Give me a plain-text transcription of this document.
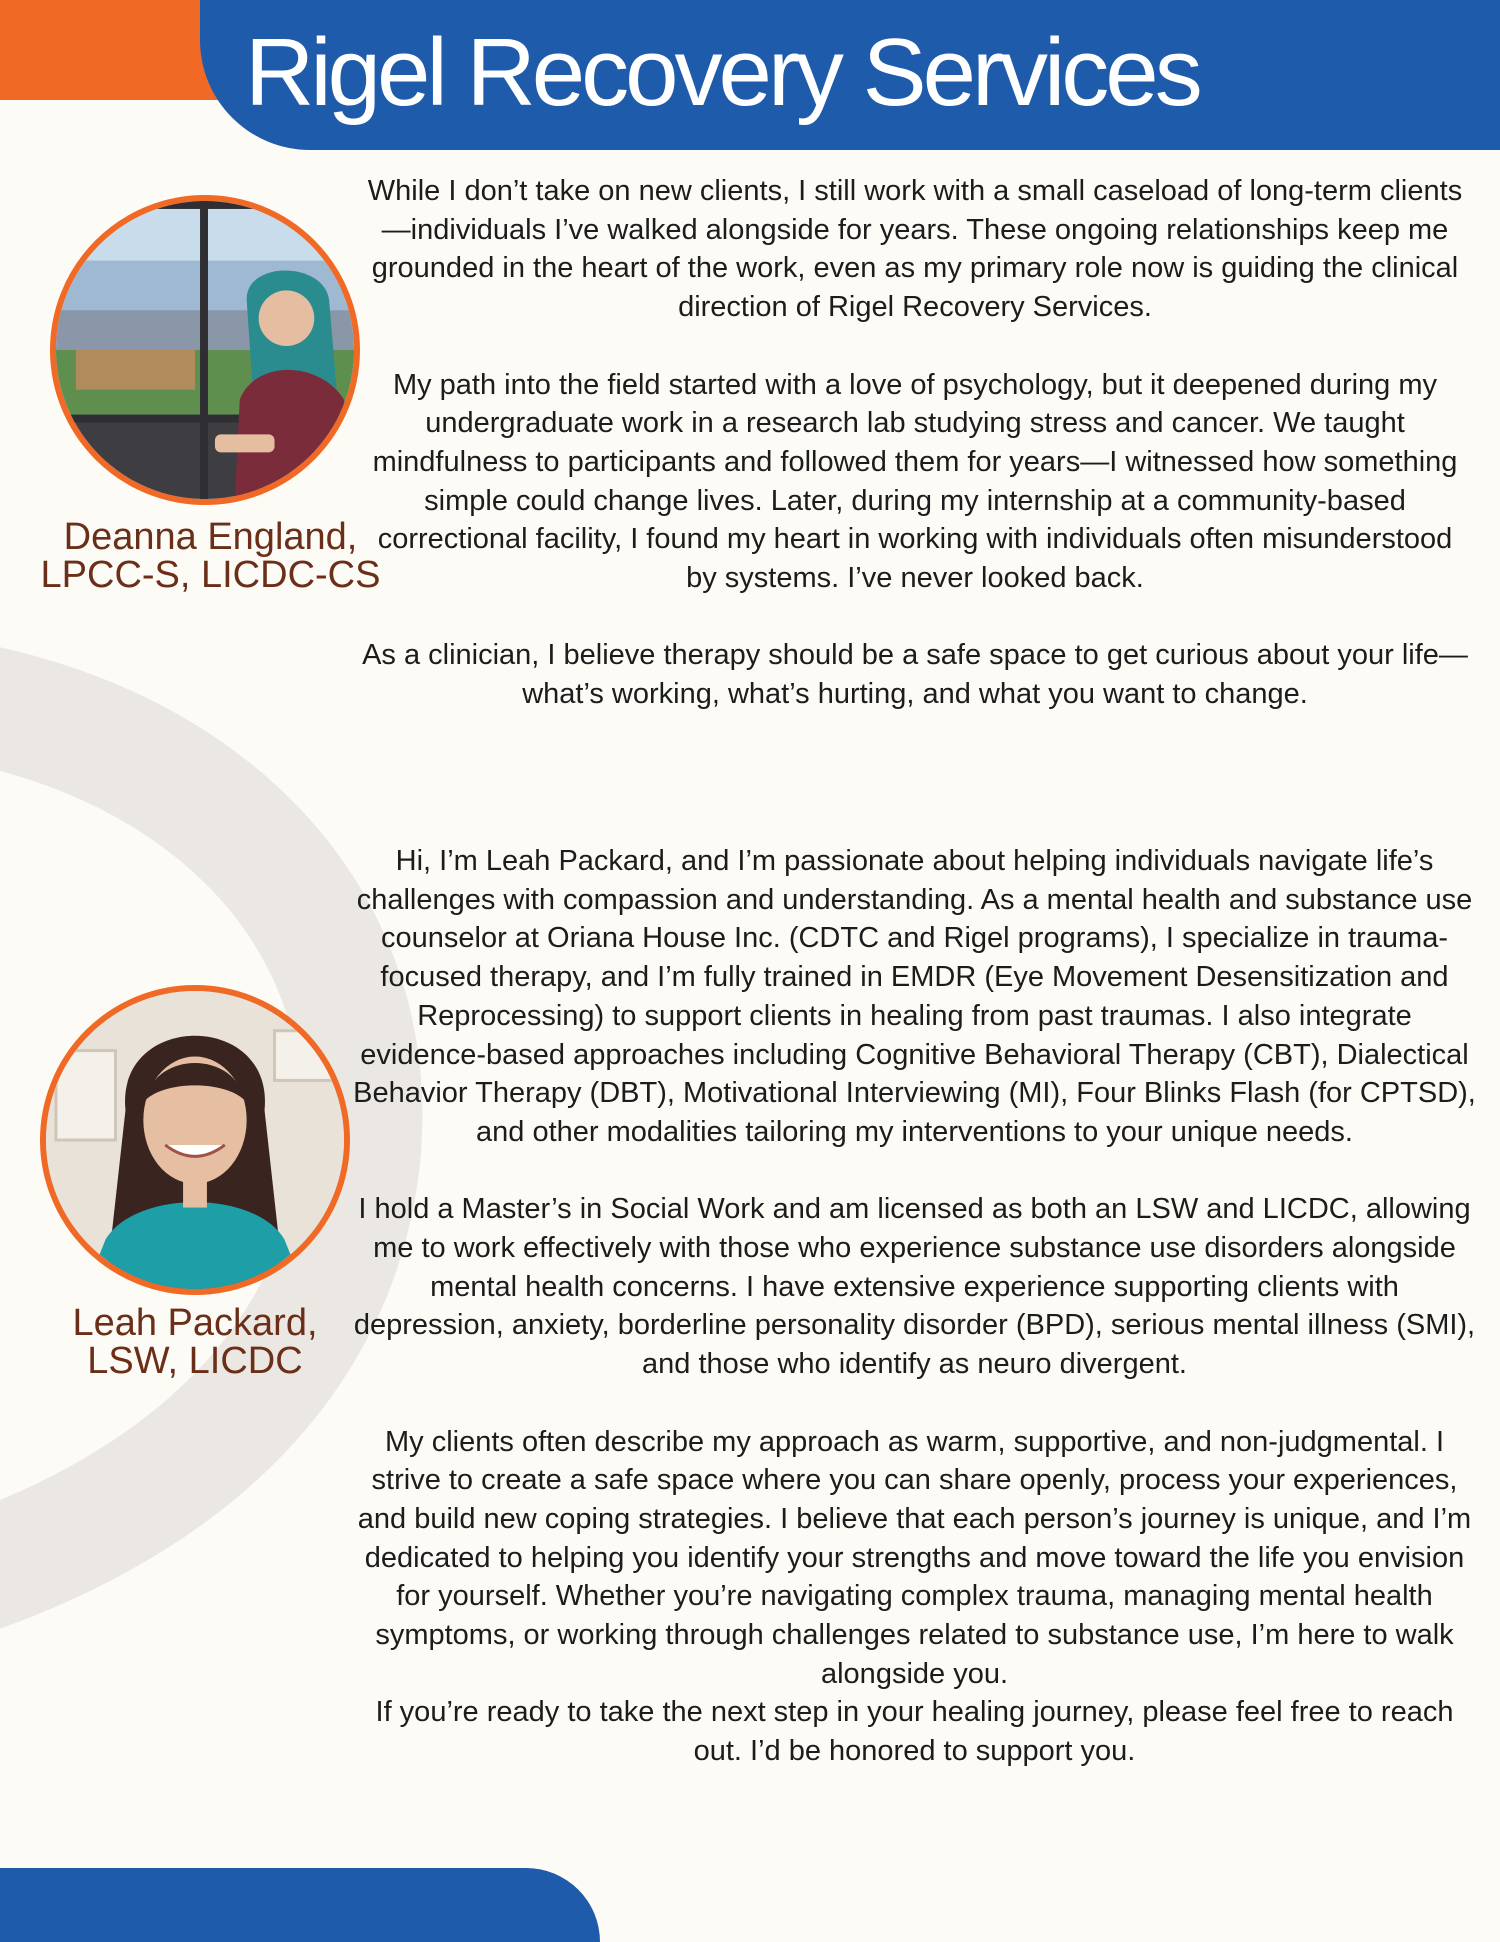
Rigel Recovery Services
Deanna England, LPCC-S, LICDC-CS

While I don’t take on new clients, I still work with a small caseload of long-term clients—individuals I’ve walked alongside for years. These ongoing relationships keep me grounded in the heart of the work, even as my primary role now is guiding the clinical direction of Rigel Recovery Services.

My path into the field started with a love of psychology, but it deepened during my undergraduate work in a research lab studying stress and cancer. We taught mindfulness to participants and followed them for years—I witnessed how something simple could change lives. Later, during my internship at a community-based correctional facility, I found my heart in working with individuals often misunderstood by systems. I’ve never looked back.

As a clinician, I believe therapy should be a safe space to get curious about your life—what’s working, what’s hurting, and what you want to change.

Leah Packard, LSW, LICDC

Hi, I’m Leah Packard, and I’m passionate about helping individuals navigate life’s challenges with compassion and understanding. As a mental health and substance use counselor at Oriana House Inc. (CDTC and Rigel programs), I specialize in trauma-focused therapy, and I’m fully trained in EMDR (Eye Movement Desensitization and Reprocessing) to support clients in healing from past traumas. I also integrate evidence-based approaches including Cognitive Behavioral Therapy (CBT), Dialectical Behavior Therapy (DBT), Motivational Interviewing (MI), Four Blinks Flash (for CPTSD), and other modalities tailoring my interventions to your unique needs.

I hold a Master’s in Social Work and am licensed as both an LSW and LICDC, allowing me to work effectively with those who experience substance use disorders alongside mental health concerns. I have extensive experience supporting clients with depression, anxiety, borderline personality disorder (BPD), serious mental illness (SMI), and those who identify as neuro divergent.

My clients often describe my approach as warm, supportive, and non-judgmental. I strive to create a safe space where you can share openly, process your experiences, and build new coping strategies. I believe that each person’s journey is unique, and I’m dedicated to helping you identify your strengths and move toward the life you envision for yourself. Whether you’re navigating complex trauma, managing mental health symptoms, or working through challenges related to substance use, I’m here to walk alongside you.

If you’re ready to take the next step in your healing journey, please feel free to reach out. I’d be honored to support you.
